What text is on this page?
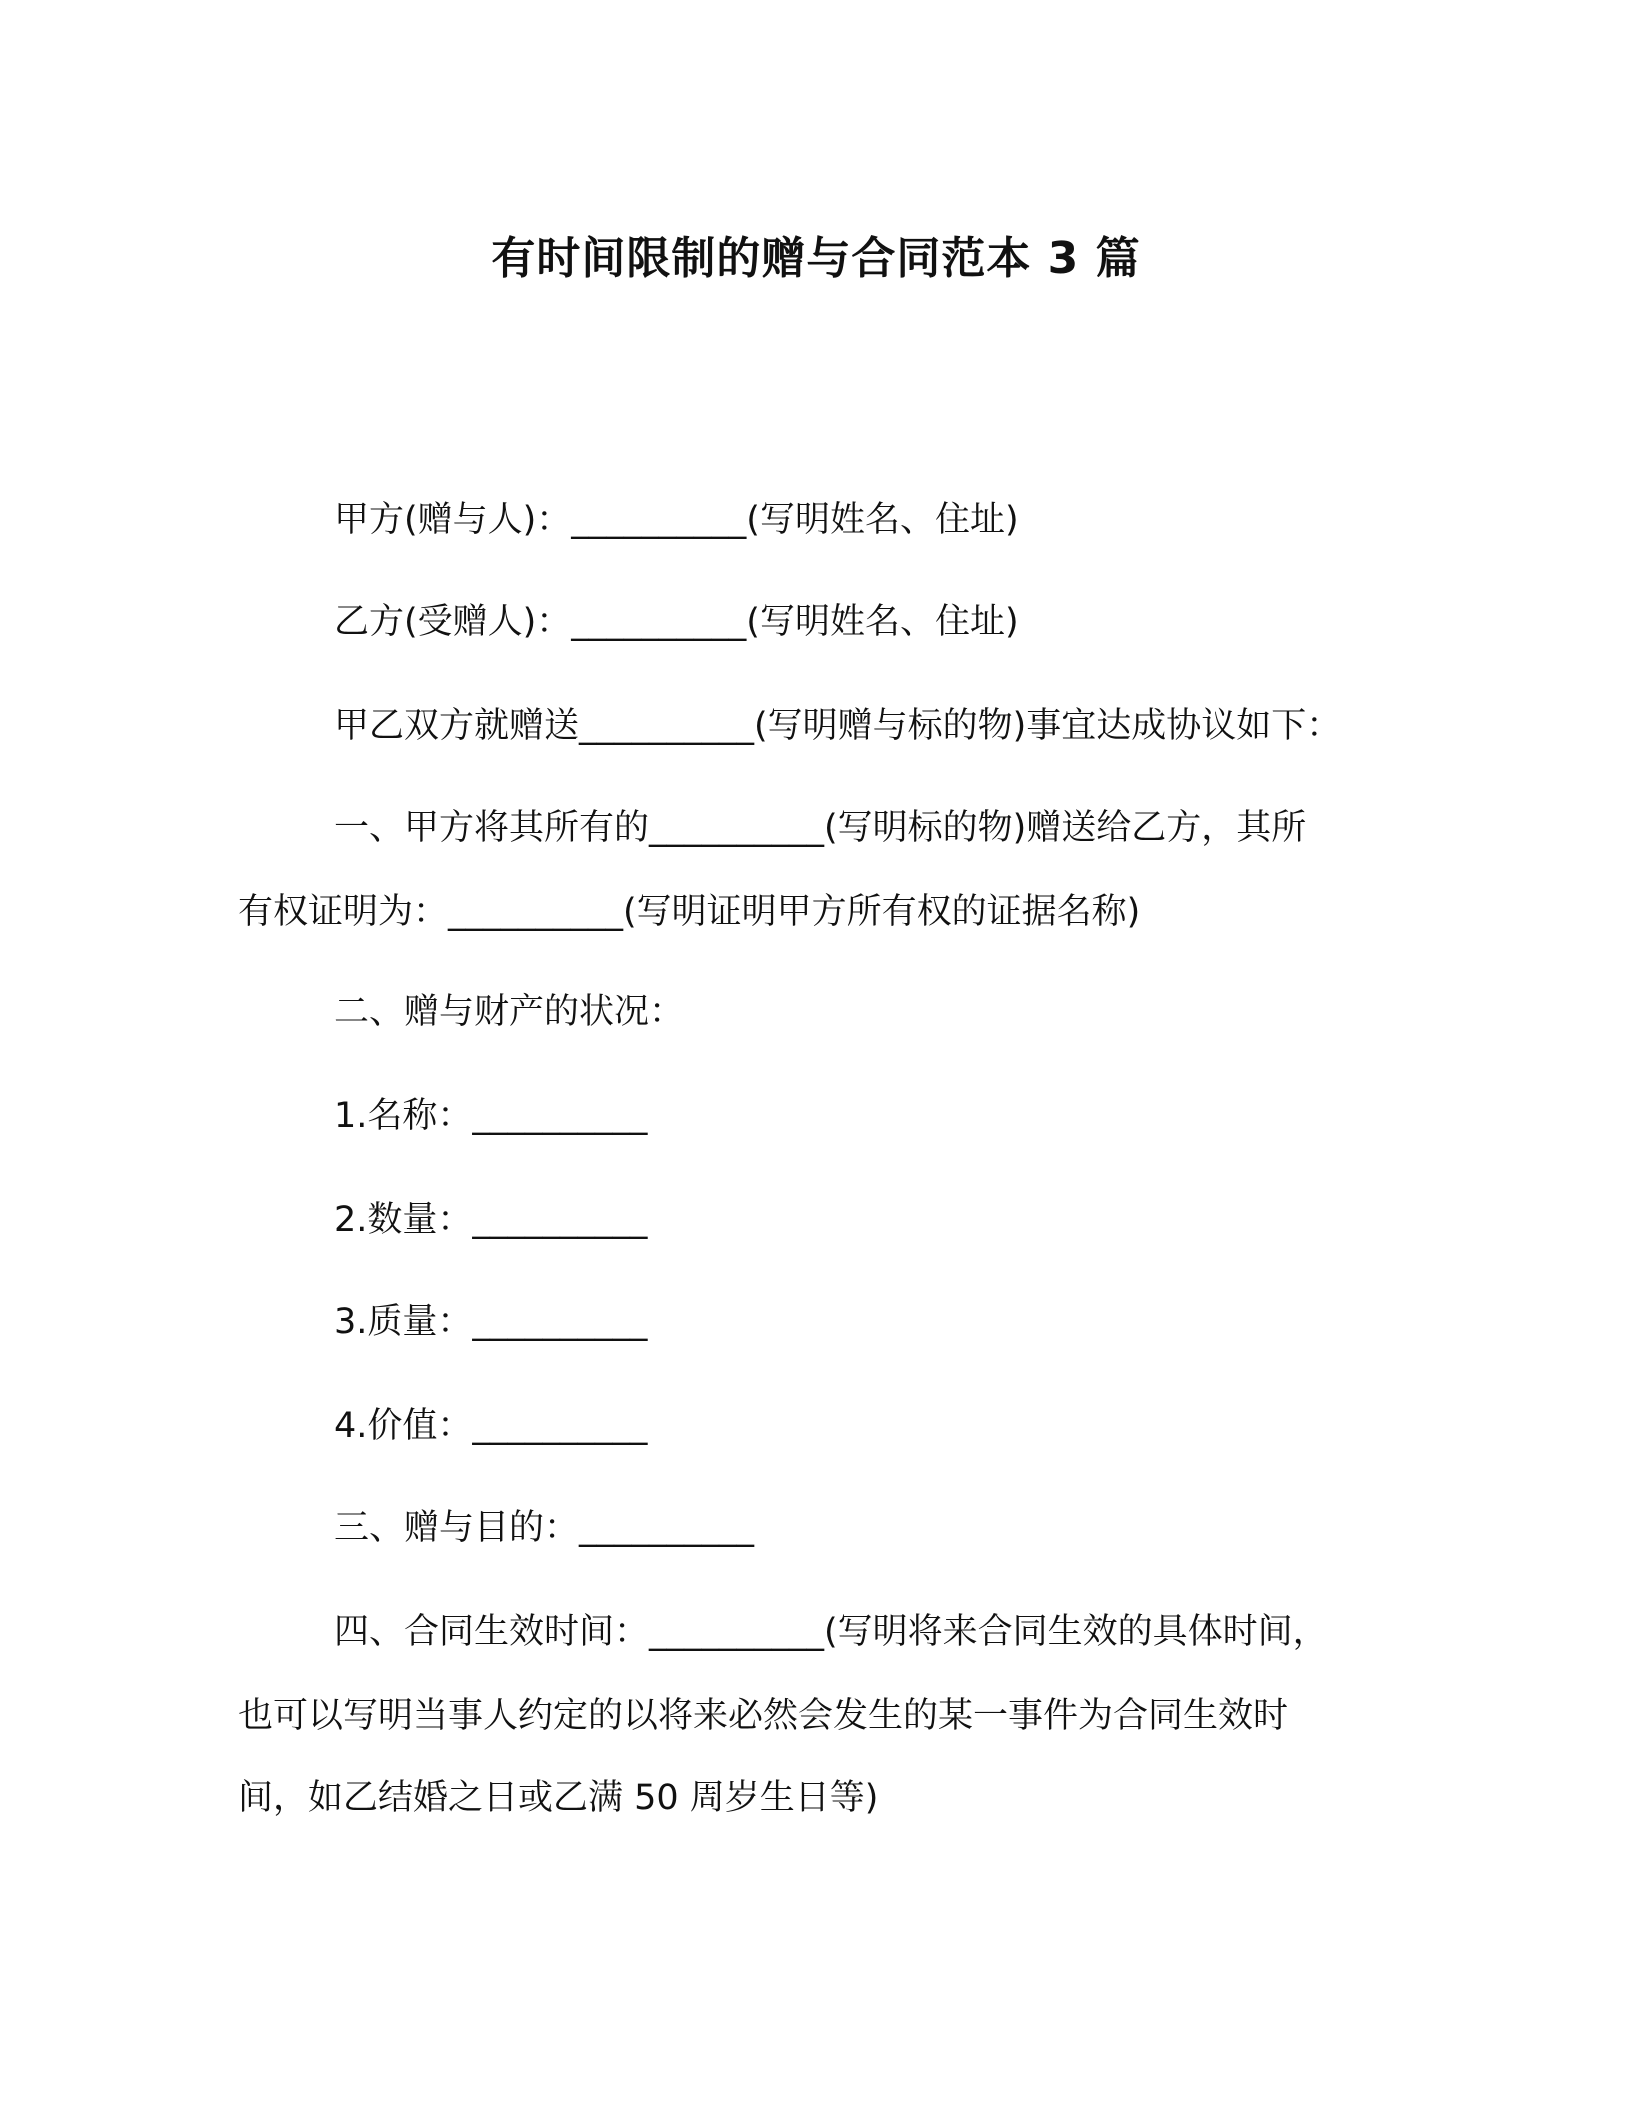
有时间限制的赠与合同范本 3 篇
甲方(赠与人)：__________(写明姓名、住址)
乙方(受赠人)：__________(写明姓名、住址)
甲乙双方就赠送__________(写明赠与标的物)事宜达成协议如下：
一、甲方将其所有的__________(写明标的物)赠送给乙方，其所
有权证明为：__________(写明证明甲方所有权的证据名称)
二、赠与财产的状况：
1.名称：__________
2.数量：__________
3.质量：__________
4.价值：__________
三、赠与目的：__________
四、合同生效时间：__________(写明将来合同生效的具体时间，
也可以写明当事人约定的以将来必然会发生的某一事件为合同生效时
间，如乙结婚之日或乙满 50 周岁生日等)
